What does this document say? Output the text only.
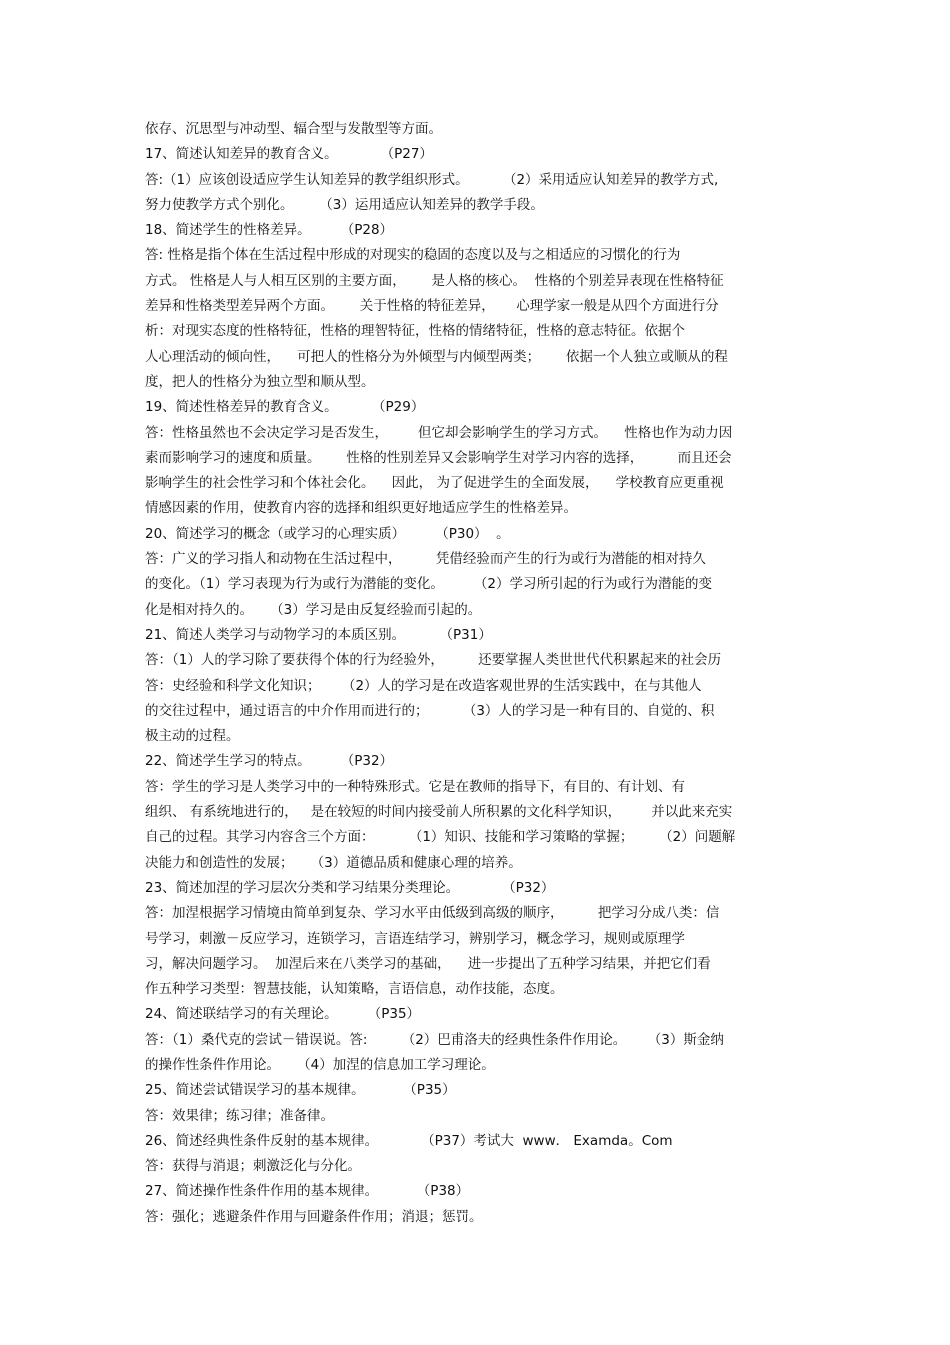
依存、沉思型与冲动型、辐合型与发散型等方面。
17、简述认知差异的教育含义。          （P27）
答:（1）应该创设适应学生认知差异的教学组织形式。        （2）采用适应认知差异的教学方式,
努力使教学方式个别化。      （3）运用适应认知差异的教学手段。
18、简述学生的性格差异。       （P28）
答: 性格是指个体在生活过程中形成的对现实的稳固的态度以及与之相适应的习惯化的行为
方式。 性格是人与人相互区别的主要方面，      是人格的核心。  性格的个别差异表现在性格特征
差异和性格类型差异两个方面。      关于性格的特征差异，     心理学家一般是从四个方面进行分
析：对现实态度的性格特征，性格的理智特征，性格的情绪特征，性格的意志特征。依据个
人心理活动的倾向性，    可把人的性格分为外倾型与内倾型两类；      依据一个人独立或顺从的程
度，把人的性格分为独立型和顺从型。
19、简述性格差异的教育含义。        （P29）
答：性格虽然也不会决定学习是否发生，       但它却会影响学生的学习方式。    性格也作为动力因
素而影响学习的速度和质量。      性格的性别差异又会影响学生对学习内容的选择，        而且还会
影响学生的社会性学习和个体社会化。    因此， 为了促进学生的全面发展，    学校教育应更重视
情感因素的作用，使教育内容的选择和组织更好地适应学生的性格差异。
20、简述学习的概念（或学习的心理实质）       （P30）  。
答：广义的学习指人和动物在生活过程中，        凭借经验而产生的行为或行为潜能的相对持久
的变化。（1）学习表现为行为或行为潜能的变化。       （2）学习所引起的行为或行为潜能的变
化是相对持久的。    （3）学习是由反复经验而引起的。
21、简述人类学习与动物学习的本质区别。        （P31）
答：（1）人的学习除了要获得个体的行为经验外，        还要掌握人类世世代代积累起来的社会历
答：史经验和科学文化知识；     （2）人的学习是在改造客观世界的生活实践中，在与其他人
的交往过程中，通过语言的中介作用而进行的；        （3）人的学习是一种有目的、自觉的、积
极主动的过程。
22、简述学生学习的特点。       （P32）
答：学生的学习是人类学习中的一种特殊形式。它是在教师的指导下，有目的、有计划、有
组织、 有系统地进行的，   是在较短的时间内接受前人所积累的文化科学知识，       并以此来充实
自己的过程。其学习内容含三个方面：        （1）知识、技能和学习策略的掌握；      （2）问题解
决能力和创造性的发展；    （3）道德品质和健康心理的培养。
23、简述加涅的学习层次分类和学习结果分类理论。          （P32）
答：加涅根据学习情境由简单到复杂、学习水平由低级到高级的顺序，        把学习分成八类：信
号学习，刺激－反应学习，连锁学习，言语连结学习，辨别学习，概念学习，规则或原理学
习，解决问题学习。  加涅后来在八类学习的基础，    进一步提出了五种学习结果，并把它们看
作五种学习类型：智慧技能，认知策略，言语信息，动作技能，态度。
24、简述联结学习的有关理论。       （P35）
答：（1）桑代克的尝试－错误说。答:        （2）巴甫洛夫的经典性条件作用论。     （3）斯金纳
的操作性条件作用论。    （4）加涅的信息加工学习理论。
25、简述尝试错误学习的基本规律。         （P35）
答：效果律；练习律；准备律。
26、简述经典性条件反射的基本规律。          （P37）考试大  www． Examda。Com
答：获得与消退；刺激泛化与分化。
27、简述操作性条件作用的基本规律。         （P38）
答：强化；逃避条件作用与回避条件作用；消退；惩罚。
